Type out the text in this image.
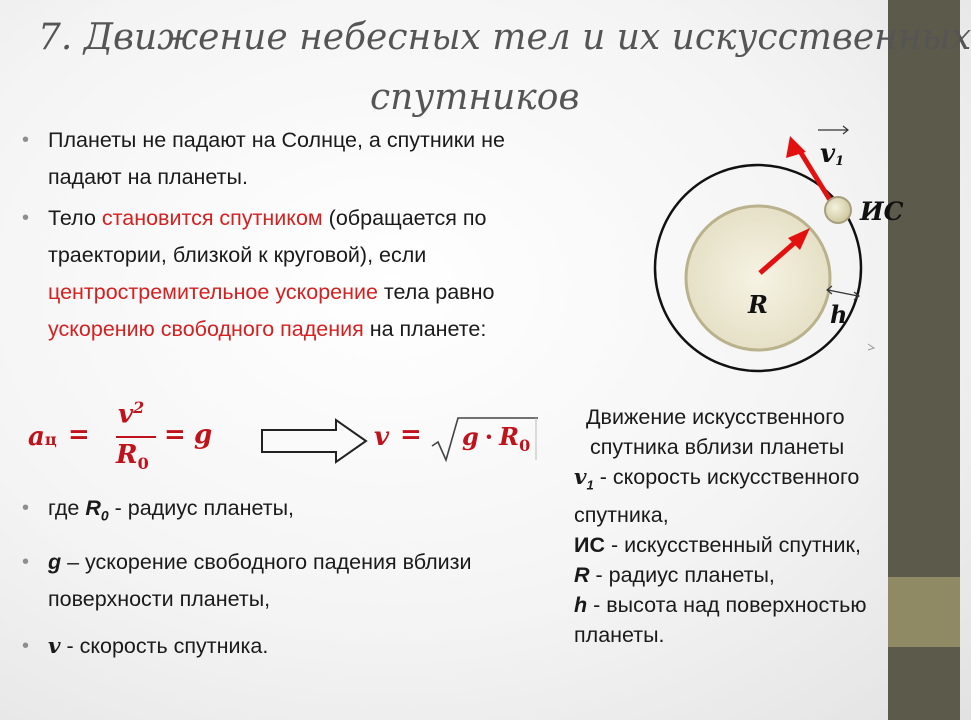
7. Движение небесных тел и их искусственных
спутников
• Планеты не падают на Солнце, а спутники не падают на планеты.
• Тело становится спутником (обращается по траектории, близкой к круговой), если центростремительное ускорение тела равно ускорению свободного падения на планете:
aц =
$v^2$
$R_0$
= g	$v = g \cdot R_0$
• где $R_0$ - радиус планеты,
• g – ускорение свободного падения вблизи поверхности планеты,
• v - скорость спутника.
v1
ИС
R	h
Движение искусственного
спутника вблизи планеты
$v_1$ - скорость искусственного спутника,
ИС - искусственный спутник,
R - радиус планеты,
h - высота над поверхностью планеты.
